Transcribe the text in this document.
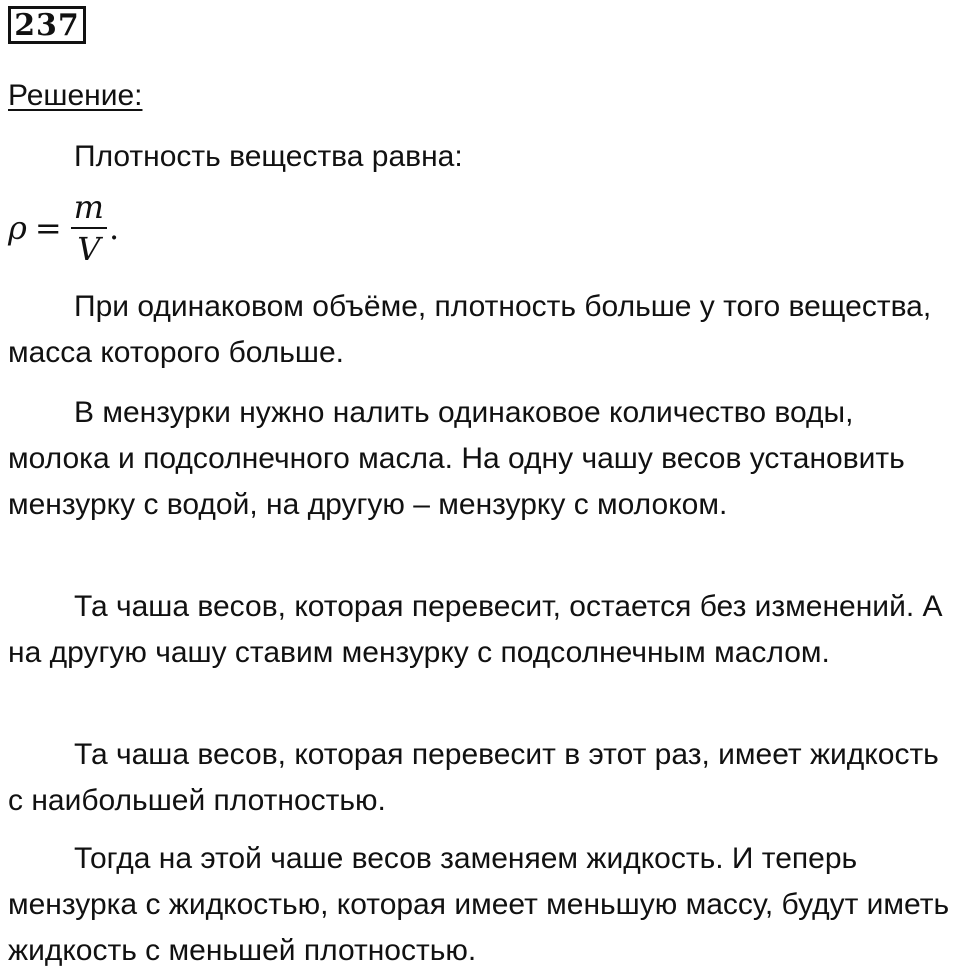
237
Решение:

Плотность вещества равна:

$\rho = \frac{m}{V}$ .

При одинаковом объёме, плотность больше у того вещества, масса которого больше.

В мензурки нужно налить одинаковое количество воды, молока и подсолнечного масла. На одну чашу весов установить мензурку с водой, на другую – мензурку с молоком.

Та чаша весов, которая перевесит, остается без изменений. А на другую чашу ставим мензурку с подсолнечным маслом.

Та чаша весов, которая перевесит в этот раз, имеет жидкость с наибольшей плотностью.

Тогда на этой чаше весов заменяем жидкость. И теперь мензурка с жидкостью, которая имеет меньшую массу, будут иметь жидкость с меньшей плотностью.
